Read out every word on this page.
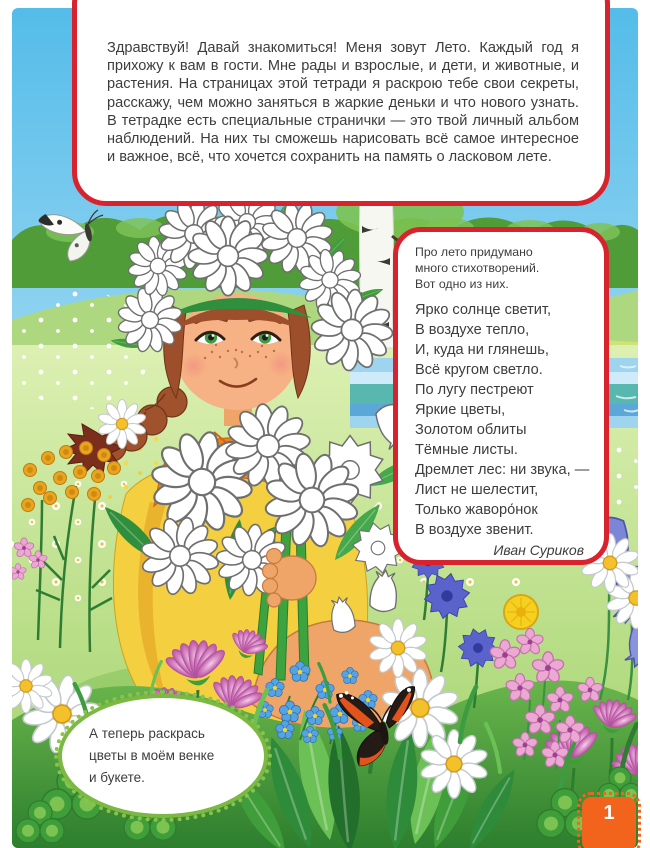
Здравствуй! Давай знакомиться! Меня зовут Лето. Каждый год я прихожу к вам в гости. Мне рады и взрослые, и дети, и животные, и растения. На страницах этой тетради я раскрою тебе свои секреты, расскажу, чем можно заняться в жаркие деньки и что нового узнать. В тетрадке есть специальные странички — это твой личный альбом наблюдений. На них ты сможешь нарисовать всё самое интересное и важное, всё, что хочется сохранить на память о ласковом лете.

Про лето придумано
много стихотворений.
Вот одно из них.
Ярко солнце светит,
В воздухе тепло,
И, куда ни глянешь,
Всё кругом светло.
По лугу пестреют
Яркие цветы,
Золотом облиты
Тёмные листы.
Дремлет лес: ни звука, —
Лист не шелестит,
Только жаворо́нок
В воздухе звенит.
Иван Суриков
А теперь раскрась
цветы в моём венке
и букете.
1
